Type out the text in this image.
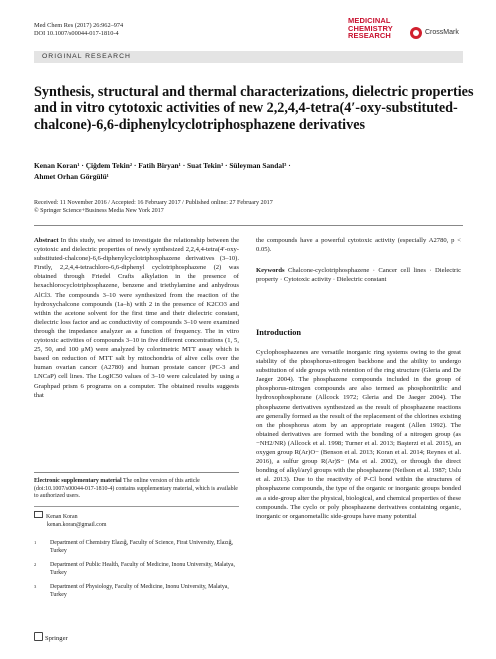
Med Chem Res (2017) 26:962–974
DOI 10.1007/s00044-017-1810-4
MEDICINAL
CHEMISTRY
RESEARCH	CrossMark
ORIGINAL RESEARCH
Synthesis, structural and thermal characterizations, dielectric properties and in vitro cytotoxic activities of new 2,2,4,4-tetra(4′-oxy-substituted-chalcone)-6,6-diphenylcyclotriphosphazene derivatives
Kenan Koran¹ · Çiğdem Tekin² · Fatih Biryan¹ · Suat Tekin³ · Süleyman Sandal³ ·
Ahmet Orhan Görgülü¹
Received: 11 November 2016 / Accepted: 16 February 2017 / Published online: 27 February 2017
© Springer Science+Business Media New York 2017
Abstract In this study, we aimed to investigate the relationship between the cytotoxic and dielectric properties of newly synthesized 2,2,4,4-tetra(4′-oxy-substituted-chalcone)-6,6-diphenylcyclotriphosphazene derivatives (3–10). Firstly, 2,2,4,4-tetrachloro-6,6-diphenyl cyclotriphosphazene (2) was obtained through Friedel Crafts alkylation in the presence of hexachlorocyclotriphosphazene, benzene and triethylamine and anhydrous AlCl3. The compounds 3–10 were synthesized from the reaction of the hydroxychalcone compounds (1a–h) with 2 in the presence of K2CO3 and within the acetone solvent for the first time and their dielectric constant, dielectric loss factor and ac conductivity of compounds 3–10 were examined through the impedance analyzer as a function of frequency. The in vitro cytotoxic activities of compounds 3–10 in five different concentrations (1, 5, 25, 50, and 100 μM) were analyzed by colorimetric MTT assay which is based on reduction of MTT salt by mitochondria of alive cells over the human ovarian cancer (A2780) and human prostate cancer (PC-3 and LNCaP) cell lines. The LogIC50 values of 3–10 were calculated by using a Graphpad prism 6 programs on a computer. The obtained results suggests that
the compounds have a powerful cytotoxic activity (especially A2780, p < 0.05).
Keywords Chalcone-cyclotriphosphazene · Cancer cell lines · Dielectric property · Cytotoxic activity · Dielectric constant
Introduction
Cyclophosphazenes are versatile inorganic ring systems owing to the great stability of the phosphorus-nitrogen backbone and the ability to undergo substitution of side groups with retention of the ring structure (Gleria and De Jaeger 2004). The phosphazene compounds included in the group of phosphorus-nitrogen compounds are also termed as phosphonitrilic and hydroxophosphorane (Allcock 1972; Gleria and De Jaeger 2004). The phosphazene derivatives synthesized as the result of phosphazene reactions are generally formed as the result of the replacement of the chlorines existing on the phosphorus atom by an appropriate reagent (Allen 1992). The obtained derivatives are formed with the bonding of a nitrogen group (as −NH2/NR) (Allcock et al. 1998; Turner et al. 2013; Başterzi et al. 2015), an oxygen group R(Ar)O− (Benson et al. 2013; Koran et al. 2014; Reynes et al. 2016), a sulfur group R(Ar)S− (Ma et al. 2002), or through the direct bonding of alkyl/aryl groups with the phosphazene (Neilson et al. 1987; Uslu et al. 2013). Due to the reactivity of P-Cl bond within the structures of phosphazene compounds, the type of the organic or inorganic groups bonded as a side-group alter the physical, biological, and chemical properties of these compounds. The cyclo or poly phosphazene derivatives containing organic, inorganic or organometallic side-groups have many potential
Electronic supplementary material The online version of this article (doi:10.1007/s00044-017-1810-4) contains supplementary material, which is available to authorized users.
Kenan Koran
kenan.koran@gmail.com
1 Department of Chemistry Elazığ, Faculty of Science, Firat University, Elazığ, Turkey
2 Department of Public Health, Faculty of Medicine, Inonu University, Malatya, Turkey
3 Department of Physiology, Faculty of Medicine, Inonu University, Malatya, Turkey
Springer
